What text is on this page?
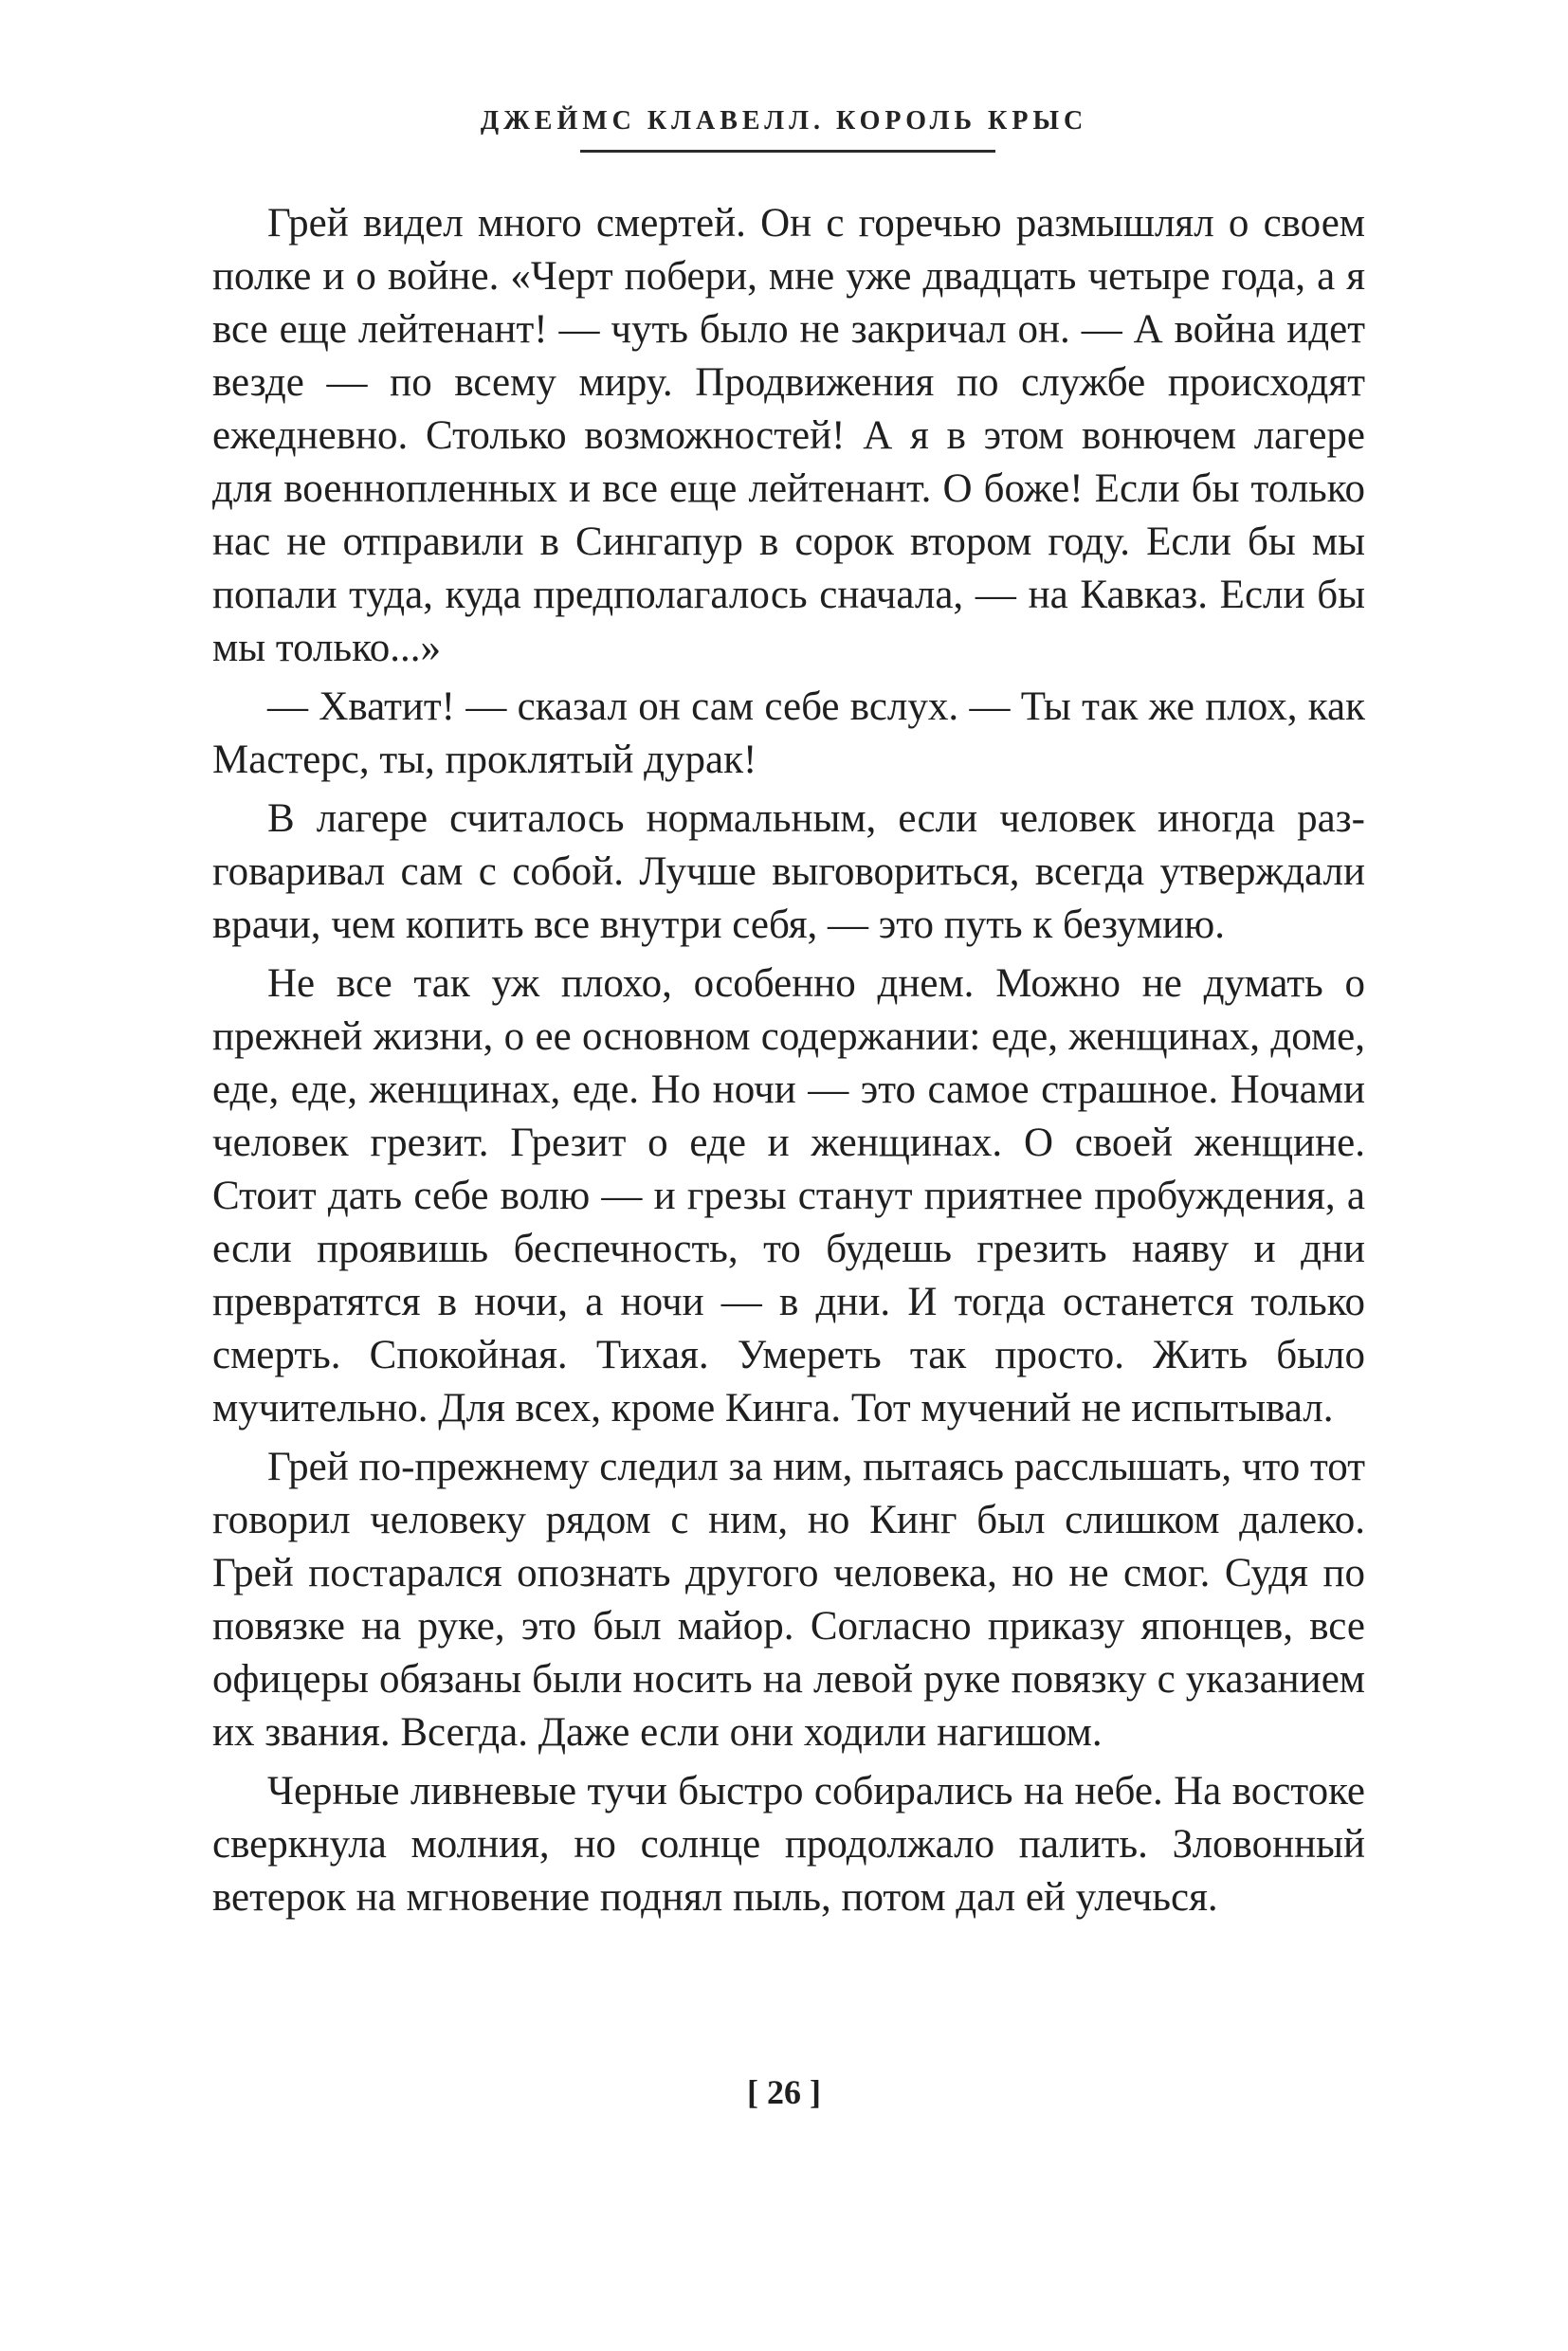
ДЖЕЙМС КЛАВЕЛЛ. КОРОЛЬ КРЫС

Грей видел много смертей. Он с горечью размышлял о своем полке и о войне. «Черт побери, мне уже двадцать четыре года, а я все еще лейтенант! — чуть было не закричал он. — А война идет везде — по всему миру. Продвижения по службе происходят ежедневно. Столько возможностей! А я в этом вонючем лагере для военнопленных и все еще лейтенант. О боже! Если бы только нас не отправили в Сингапур в сорок втором году. Если бы мы попали туда, куда предполагалось сначала, — на Кавказ. Если бы мы только...»

— Хватит! — сказал он сам себе вслух. — Ты так же плох, как Мастерс, ты, проклятый дурак!

В лагере считалось нормальным, если человек иногда разговаривал сам с собой. Лучше выговориться, всегда утверждали врачи, чем копить все внутри себя, — это путь к безумию.

Не все так уж плохо, особенно днем. Можно не думать о прежней жизни, о ее основном содержании: еде, женщинах, доме, еде, еде, женщинах, еде. Но ночи — это самое страшное. Ночами человек грезит. Грезит о еде и женщинах. О своей женщине. Стоит дать себе волю — и грезы станут приятнее пробуждения, а если проявишь беспечность, то будешь грезить наяву и дни превратятся в ночи, а ночи — в дни. И тогда останется только смерть. Спокойная. Тихая. Умереть так просто. Жить было мучительно. Для всех, кроме Кинга. Тот мучений не испытывал.

Грей по-прежнему следил за ним, пытаясь расслышать, что тот говорил человеку рядом с ним, но Кинг был слишком далеко. Грей постарался опознать другого человека, но не смог. Судя по повязке на руке, это был майор. Согласно приказу японцев, все офицеры обязаны были носить на левой руке повязку с указанием их звания. Всегда. Даже если они ходили нагишом.

Черные ливневые тучи быстро собирались на небе. На востоке сверкнула молния, но солнце продолжало палить. Зловонный ветерок на мгновение поднял пыль, потом дал ей улечься.

[ 26 ]
